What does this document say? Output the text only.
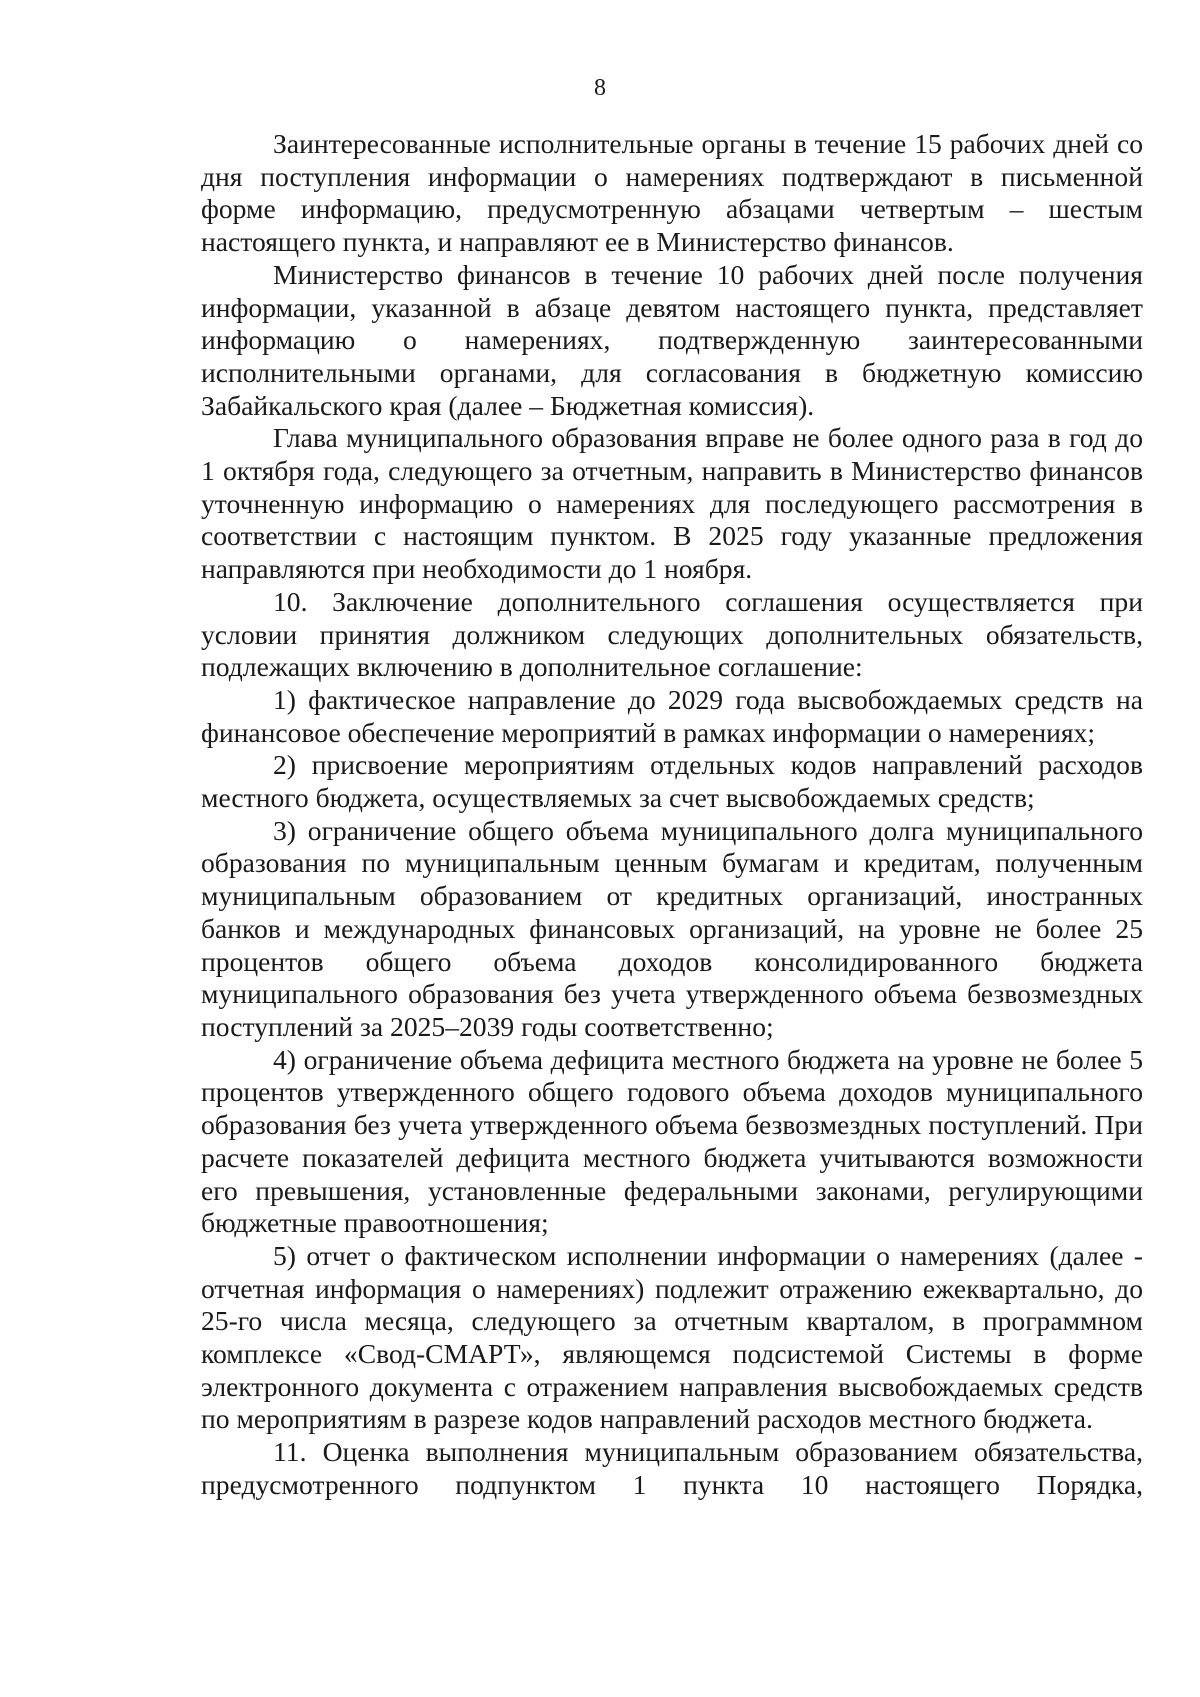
8

Заинтересованные исполнительные органы в течение 15 рабочих дней со дня поступления информации о намерениях подтверждают в письменной форме информацию, предусмотренную абзацами четвертым – шестым настоящего пункта, и направляют ее в Министерство финансов.

Министерство финансов в течение 10 рабочих дней после получения информации, указанной в абзаце девятом настоящего пункта, представляет информацию о намерениях, подтвержденную заинтересованными исполнительными органами, для согласования в бюджетную комиссию Забайкальского края (далее – Бюджетная комиссия).

Глава муниципального образования вправе не более одного раза в год до 1 октября года, следующего за отчетным, направить в Министерство финансов уточненную информацию о намерениях для последующего рассмотрения в соответствии с настоящим пунктом. В 2025 году указанные предложения направляются при необходимости до 1 ноября.

10. Заключение дополнительного соглашения осуществляется при условии принятия должником следующих дополнительных обязательств, подлежащих включению в дополнительное соглашение:

1) фактическое направление до 2029 года высвобождаемых средств на финансовое обеспечение мероприятий в рамках информации о намерениях;

2) присвоение мероприятиям отдельных кодов направлений расходов местного бюджета, осуществляемых за счет высвобождаемых средств;

3) ограничение общего объема муниципального долга муниципального образования по муниципальным ценным бумагам и кредитам, полученным муниципальным образованием от кредитных организаций, иностранных банков и международных финансовых организаций, на уровне не более 25 процентов общего объема доходов консолидированного бюджета муниципального образования без учета утвержденного объема безвозмездных поступлений за 2025–2039 годы соответственно;

4) ограничение объема дефицита местного бюджета на уровне не более 5 процентов утвержденного общего годового объема доходов муниципального образования без учета утвержденного объема безвозмездных поступлений. При расчете показателей дефицита местного бюджета учитываются возможности его превышения, установленные федеральными законами, регулирующими бюджетные правоотношения;

5) отчет о фактическом исполнении информации о намерениях (далее - отчетная информация о намерениях) подлежит отражению ежеквартально, до 25-го числа месяца, следующего за отчетным кварталом, в программном комплексе «Свод-СМАРТ», являющемся подсистемой Системы в форме электронного документа с отражением направления высвобождаемых средств по мероприятиям в разрезе кодов направлений расходов местного бюджета.

11. Оценка выполнения муниципальным образованием обязательства, предусмотренного подпунктом 1 пункта 10 настоящего Порядка,
